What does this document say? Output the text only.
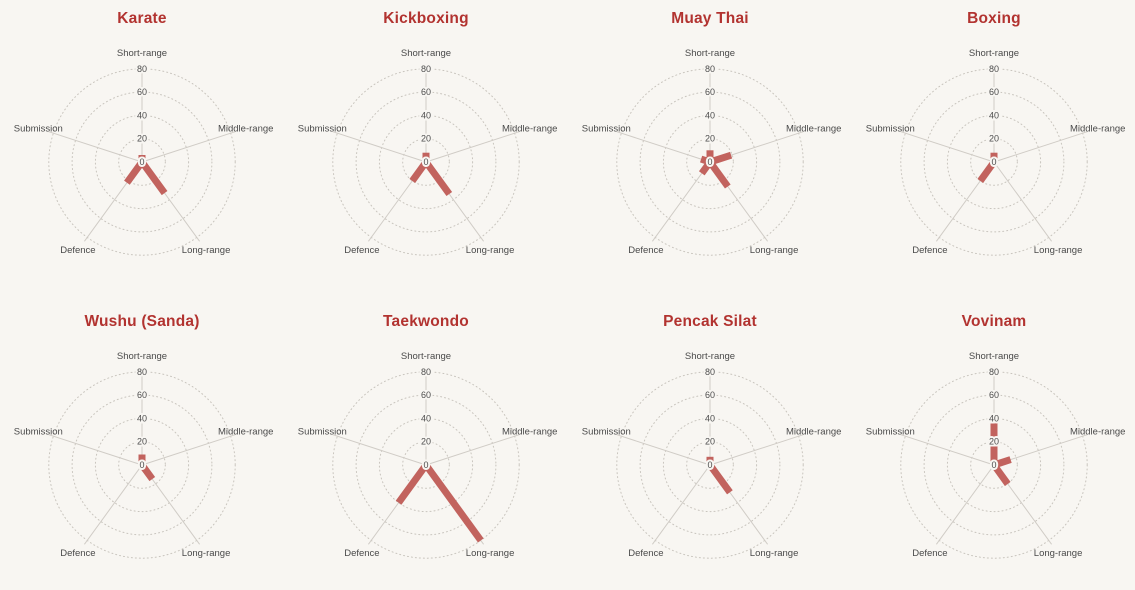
Karate
0
20
40
60
80
Short-range
Middle-range
Long-range
Defence
Submission
Kickboxing
0
20
40
60
80
Short-range
Middle-range
Long-range
Defence
Submission
Muay Thai
0
20
40
60
80
Short-range
Middle-range
Long-range
Defence
Submission
Boxing
0
20
40
60
80
Short-range
Middle-range
Long-range
Defence
Submission
Wushu (Sanda)
0
20
40
60
80
Short-range
Middle-range
Long-range
Defence
Submission
Taekwondo
0
20
40
60
80
Short-range
Middle-range
Long-range
Defence
Submission
Pencak Silat
0
20
40
60
80
Short-range
Middle-range
Long-range
Defence
Submission
Vovinam
0
20
40
60
80
Short-range
Middle-range
Long-range
Defence
Submission
